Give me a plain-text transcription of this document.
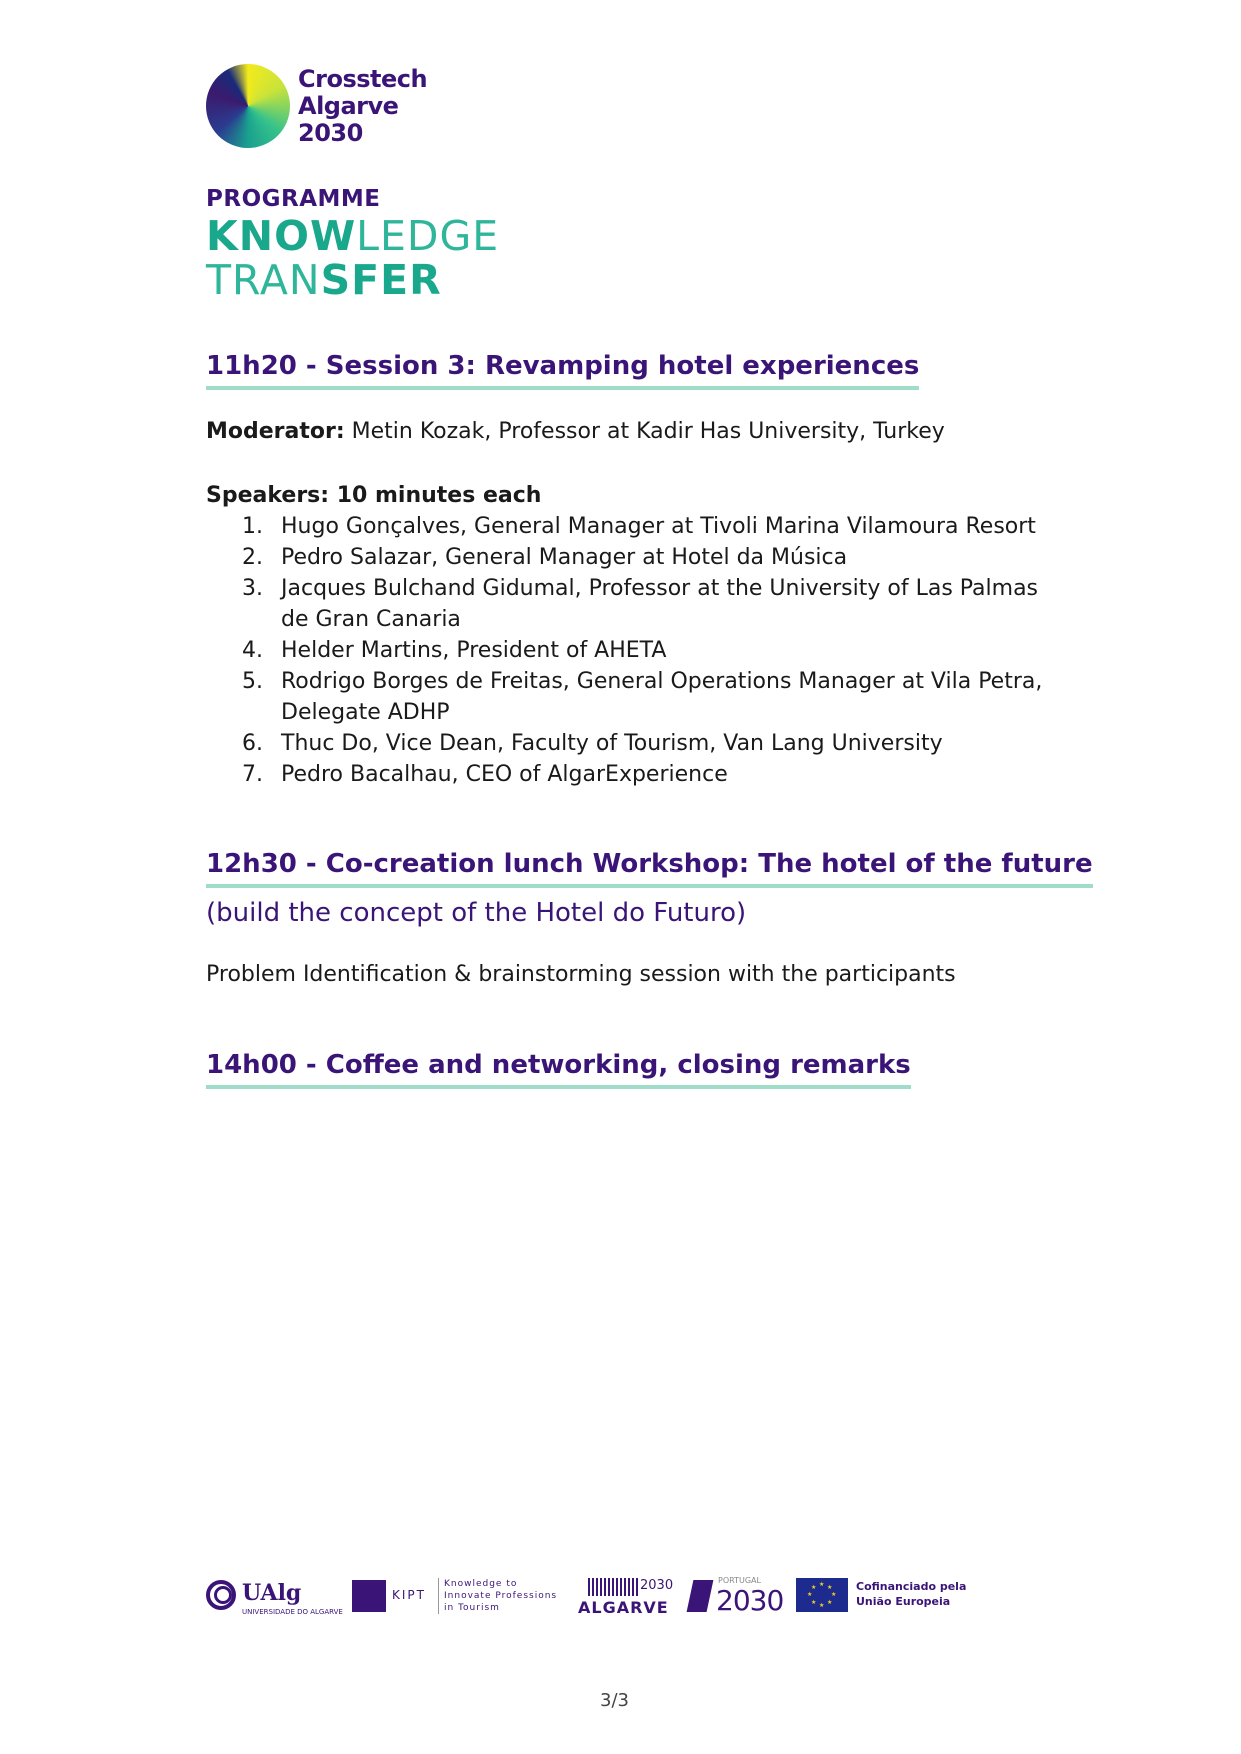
Crosstech
Algarve
2030
PROGRAMME
KNOWLEDGE
TRANSFER
11h20 - Session 3: Revamping hotel experiences
Moderator: Metin Kozak, Professor at Kadir Has University, Turkey
Speakers: 10 minutes each
1. Hugo Gonçalves, General Manager at Tivoli Marina Vilamoura Resort
2. Pedro Salazar, General Manager at Hotel da Música
3. Jacques Bulchand Gidumal, Professor at the University of Las Palmas
de Gran Canaria
4. Helder Martins, President of AHETA
5. Rodrigo Borges de Freitas, General Operations Manager at Vila Petra,
Delegate ADHP
6. Thuc Do, Vice Dean, Faculty of Tourism, Van Lang University
7. Pedro Bacalhau, CEO of AlgarExperience
12h30 - Co-creation lunch Workshop: The hotel of the future
(build the concept of the Hotel do Futuro)
Problem Identification & brainstorming session with the participants
14h00 - Coffee and networking, closing remarks
UAlg
UNIVERSIDADE DO ALGARVE
KIPT
Knowledge to
Innovate Professions
in Tourism
2030
ALGARVE
PORTUGAL
2030	★ ★
★
★
★
★
★
★	Cofinanciado pela
União Europeia
3/3
